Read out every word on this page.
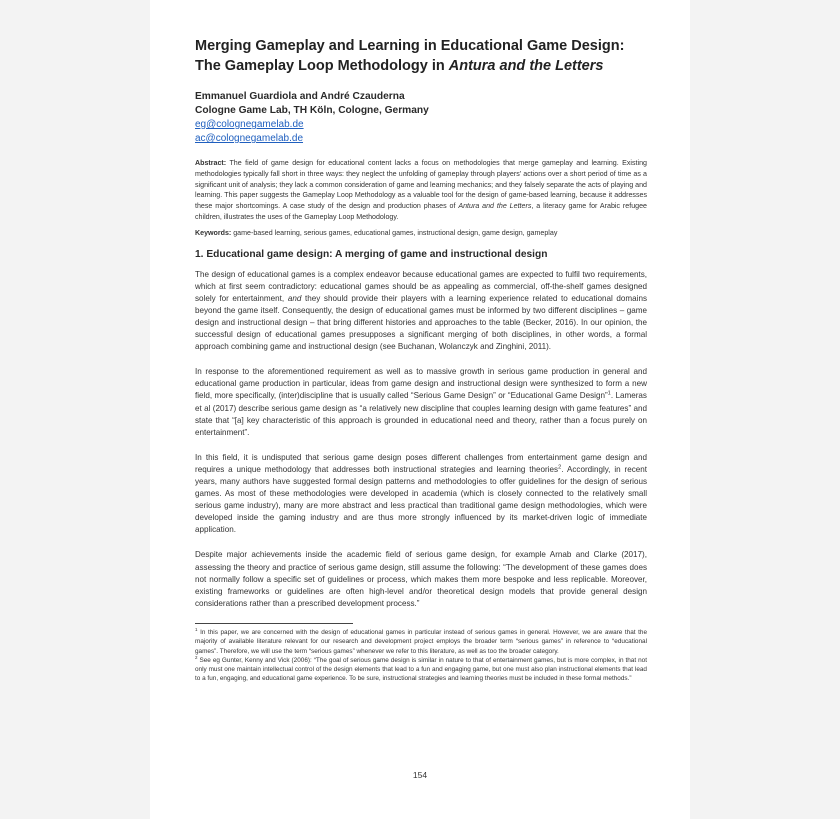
Merging Gameplay and Learning in Educational Game Design: The Gameplay Loop Methodology in Antura and the Letters

Emmanuel Guardiola and André Czauderna

Cologne Game Lab, TH Köln, Cologne, Germany

eg@colognegamelab.de
ac@colognegamelab.de

Abstract: The field of game design for educational content lacks a focus on methodologies that merge gameplay and learning. Existing methodologies typically fall short in three ways: they neglect the unfolding of gameplay through players’ actions over a short period of time as a significant unit of analysis; they lack a common consideration of game and learning mechanics; and they falsely separate the acts of playing and learning. This paper suggests the Gameplay Loop Methodology as a valuable tool for the design of game-based learning, because it addresses these major shortcomings. A case study of the design and production phases of Antura and the Letters, a literacy game for Arabic refugee children, illustrates the uses of the Gameplay Loop Methodology.

Keywords: game-based learning, serious games, educational games, instructional design, game design, gameplay

1. Educational game design: A merging of game and instructional design

The design of educational games is a complex endeavor because educational games are expected to fulfil two requirements, which at first seem contradictory: educational games should be as appealing as commercial, off-the-shelf games designed solely for entertainment, and they should provide their players with a learning experience related to educational domains beyond the game itself. Consequently, the design of educational games must be informed by two different disciplines – game design and instructional design – that bring different histories and approaches to the table (Becker, 2016). In our opinion, the successful design of educational games presupposes a significant merging of both disciplines, in other words, a formal approach combining game and instructional design (see Buchanan, Wolanczyk and Zinghini, 2011).

In response to the aforementioned requirement as well as to massive growth in serious game production in general and educational game production in particular, ideas from game design and instructional design were synthesized to form a new field, more specifically, (inter)discipline that is usually called “Serious Game Design” or “Educational Game Design”$^1$. Lameras et al (2017) describe serious game design as “a relatively new discipline that couples learning design with game features” and state that “[a] key characteristic of this approach is grounded in educational need and theory, rather than a focus purely on entertainment”.

In this field, it is undisputed that serious game design poses different challenges from entertainment game design and requires a unique methodology that addresses both instructional strategies and learning theories$^2$. Accordingly, in recent years, many authors have suggested formal design patterns and methodologies to offer guidelines for the design of serious games. As most of these methodologies were developed in academia (which is closely connected to the relatively small serious game industry), many are more abstract and less practical than traditional game design methodologies, which were developed inside the gaming industry and are thus more strongly influenced by its market-driven logic of immediate application.

Despite major achievements inside the academic field of serious game design, for example Arnab and Clarke (2017), assessing the theory and practice of serious game design, still assume the following: “The development of these games does not normally follow a specific set of guidelines or process, which makes them more bespoke and less replicable. Moreover, existing frameworks or guidelines are often high-level and/or theoretical design models that provide general design considerations rather than a prescribed development process.”

$^1$ In this paper, we are concerned with the design of educational games in particular instead of serious games in general. However, we are aware that the majority of available literature relevant for our research and development project employs the broader term “serious games” in reference to “educational games”. Therefore, we will use the term “serious games” whenever we refer to this literature, as well as too the broader category.

$^2$ See eg Gunter, Kenny and Vick (2006): “The goal of serious game design is similar in nature to that of entertainment games, but is more complex, in that not only must one maintain intellectual control of the design elements that lead to a fun and engaging game, but one must also plan instructional elements that lead to a fun, engaging, and educational game experience. To be sure, instructional strategies and learning theories must be included in these formal methods.”

154
